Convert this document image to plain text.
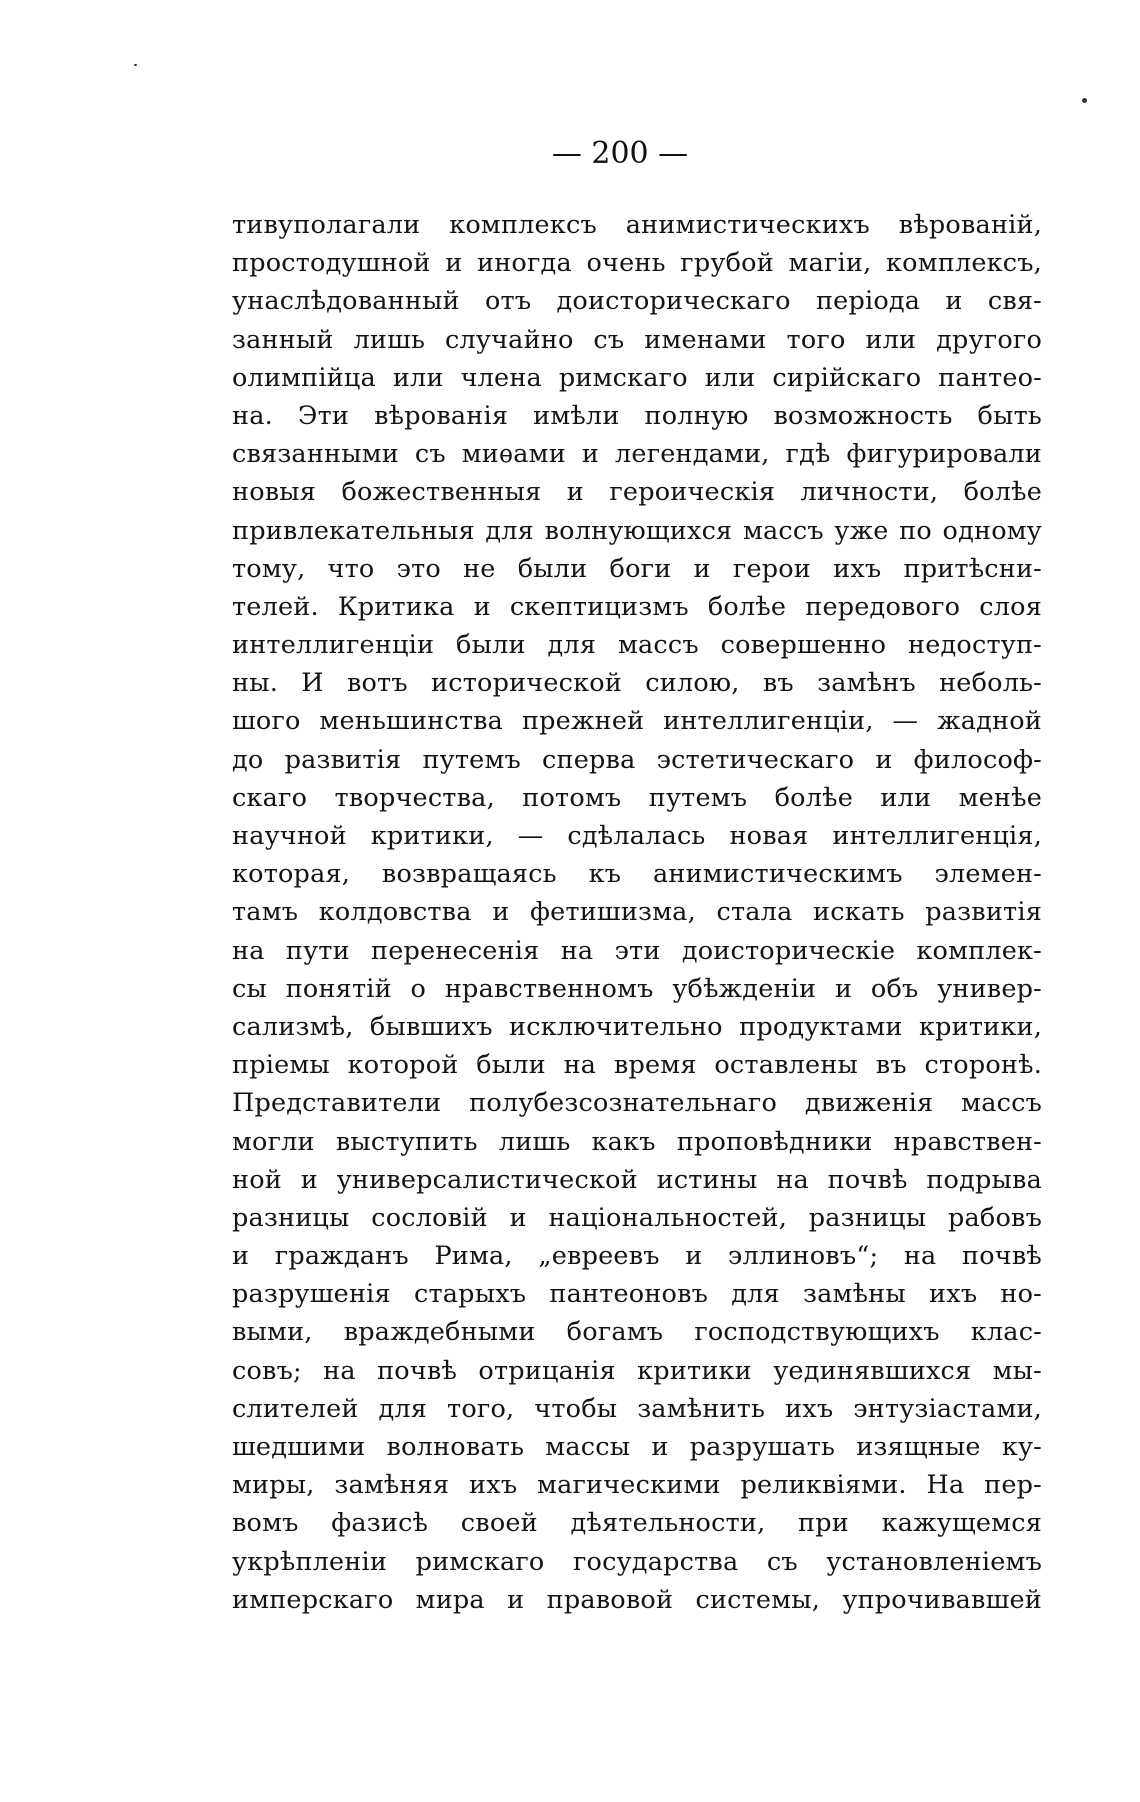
— 200 —
тивуполагали комплексъ анимистическихъ вѣрованій,
простодушной и иногда очень грубой магіи, комплексъ,
унаслѣдованный отъ доисторическаго періода и свя-
занный лишь случайно съ именами того или другого
олимпійца или члена римскаго или сирійскаго пантео-
на. Эти вѣрованія имѣли полную возможность быть
связанными съ миѳами и легендами, гдѣ фигурировали
новыя божественныя и героическія личности, болѣе
привлекательныя для волнующихся массъ уже по одному
тому, что это не были боги и герои ихъ притѣсни-
телей. Критика и скептицизмъ болѣе передового слоя
интеллигенціи были для массъ совершенно недоступ-
ны. И вотъ исторической силою, въ замѣнъ неболь-
шого меньшинства прежней интеллигенціи, — жадной
до развитія путемъ сперва эстетическаго и философ-
скаго творчества, потомъ путемъ болѣе или менѣе
научной критики, — сдѣлалась новая интеллигенція,
которая, возвращаясь къ анимистическимъ элемен-
тамъ колдовства и фетишизма, стала искать развитія
на пути перенесенія на эти доисторическіе комплек-
сы понятій о нравственномъ убѣжденіи и объ универ-
сализмѣ, бывшихъ исключительно продуктами критики,
пріемы которой были на время оставлены въ сторонѣ.
Представители полубезсознательнаго движенія массъ
могли выступить лишь какъ проповѣдники нравствен-
ной и универсалистической истины на почвѣ подрыва
разницы сословій и національностей, разницы рабовъ
и гражданъ Рима, „евреевъ и эллиновъ“; на почвѣ
разрушенія старыхъ пантеоновъ для замѣны ихъ но-
выми, враждебными богамъ господствующихъ клас-
совъ; на почвѣ отрицанія критики уединявшихся мы-
слителей для того, чтобы замѣнить ихъ энтузіастами,
шедшими волновать массы и разрушать изящные ку-
миры, замѣняя ихъ магическими реликвіями. На пер-
вомъ фазисѣ своей дѣятельности, при кажущемся
укрѣпленіи римскаго государства съ установленіемъ
имперскаго мира и правовой системы, упрочивавшей
